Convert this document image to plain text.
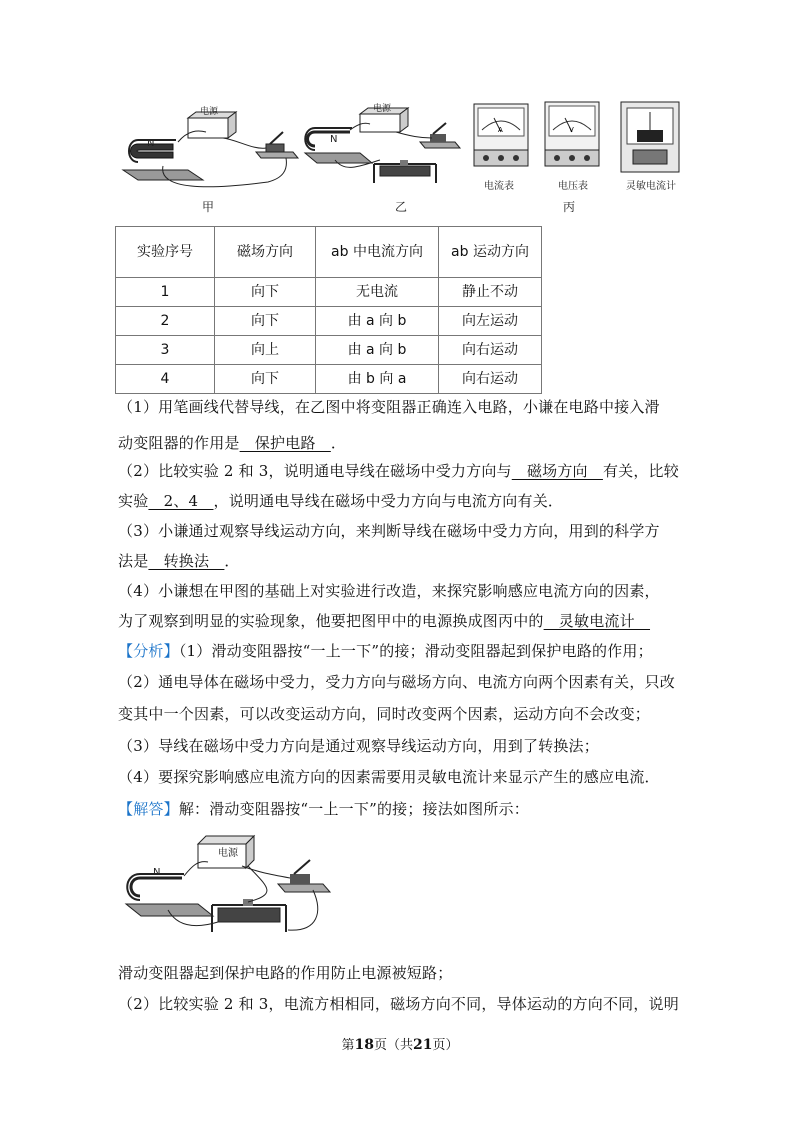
电源
N
甲
电源
N
乙
A
电流表
V
电压表	灵敏电流计
丙
实验序号	磁场方向	ab 中电流方向	ab 运动方向
1	向下	无电流	静止不动
2	向下	由 a 向 b	向左运动
3	向上	由 a 向 b	向右运动
4	向下	由 b 向 a	向右运动
（1）用笔画线代替导线，在乙图中将变阻器正确连入电路，小谦在电路中接入滑
动变阻器的作用是　保护电路　．
（2）比较实验 2 和 3，说明通电导线在磁场中受力方向与　磁场方向　有关，比较
实验　2、4　，说明通电导线在磁场中受力方向与电流方向有关．
（3）小谦通过观察导线运动方向，来判断导线在磁场中受力方向，用到的科学方
法是　转换法　．
（4）小谦想在甲图的基础上对实验进行改造，来探究影响感应电流方向的因素，
为了观察到明显的实验现象，他要把图甲中的电源换成图丙中的　灵敏电流计　
【分析】（1）滑动变阻器按“一上一下”的接；滑动变阻器起到保护电路的作用；
（2）通电导体在磁场中受力，受力方向与磁场方向、电流方向两个因素有关，只改
变其中一个因素，可以改变运动方向，同时改变两个因素，运动方向不会改变；
（3）导线在磁场中受力方向是通过观察导线运动方向，用到了转换法；
（4）要探究影响感应电流方向的因素需要用灵敏电流计来显示产生的感应电流．
【解答】解：滑动变阻器按“一上一下”的接；接法如图所示：
电源
N
滑动变阻器起到保护电路的作用防止电源被短路；
（2）比较实验 2 和 3，电流方相相同，磁场方向不同，导体运动的方向不同，说明
第18页（共21页）
